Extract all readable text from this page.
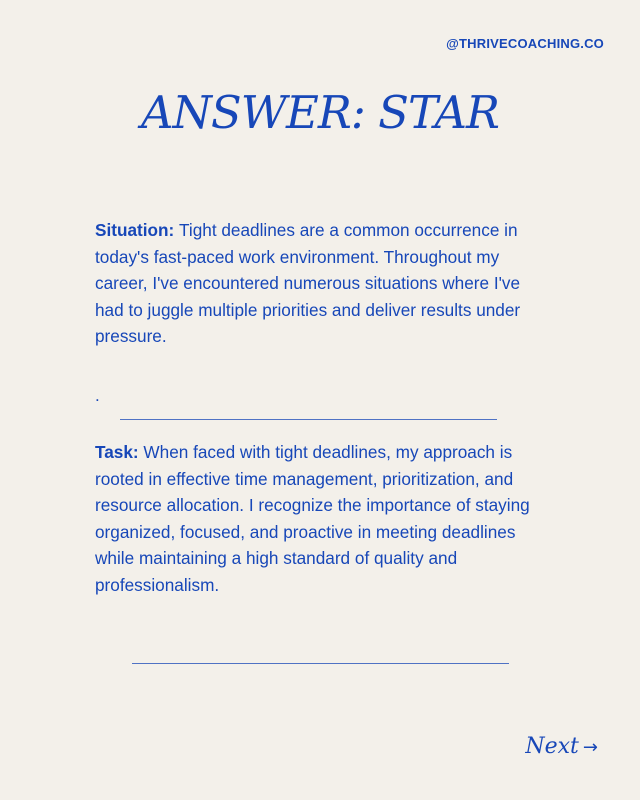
@THRIVECOACHING.CO
ANSWER: STAR
Situation: Tight deadlines are a common occurrence in today's fast-paced work environment. Throughout my career, I've encountered numerous situations where I've had to juggle multiple priorities and deliver results under pressure.
.
Task: When faced with tight deadlines, my approach is rooted in effective time management, prioritization, and resource allocation. I recognize the importance of staying organized, focused, and proactive in meeting deadlines while maintaining a high standard of quality and professionalism.
Next →
